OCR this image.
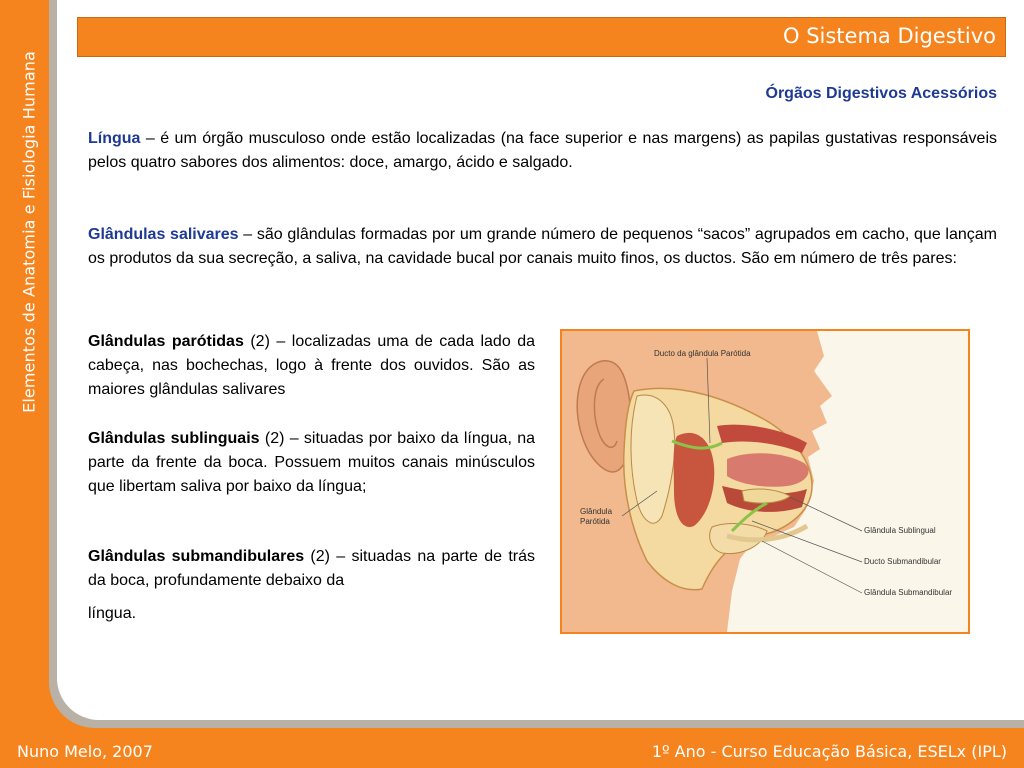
Elementos de Anatomia e Fisiologia Humana
O Sistema Digestivo
Órgãos Digestivos Acessórios

Língua – é um órgão musculoso onde estão localizadas (na face superior e nas margens) as papilas gustativas responsáveis pelos quatro sabores dos alimentos: doce, amargo, ácido e salgado.

Glândulas salivares – são glândulas formadas por um grande número de pequenos “sacos” agrupados em cacho, que lançam os produtos da sua secreção, a saliva, na cavidade bucal por canais muito finos, os ductos. São em número de três pares:

Glândulas parótidas (2) – localizadas uma de cada lado da cabeça, nas bochechas, logo à frente dos ouvidos. São as maiores glândulas salivares

Glândulas sublinguais (2) – situadas por baixo da língua, na parte da frente da boca. Possuem muitos canais minúsculos que libertam saliva por baixo da língua;

Glândulas submandibulares (2) – situadas na parte de trás da boca, profundamente debaixo da
língua.

Ducto da glândula Parótida
Glândula
Parótida
Glândula Sublingual
Ducto Submandibular
Glândula Submandibular
Nuno Melo, 2007	1º Ano - Curso Educação Básica, ESELx (IPL)
